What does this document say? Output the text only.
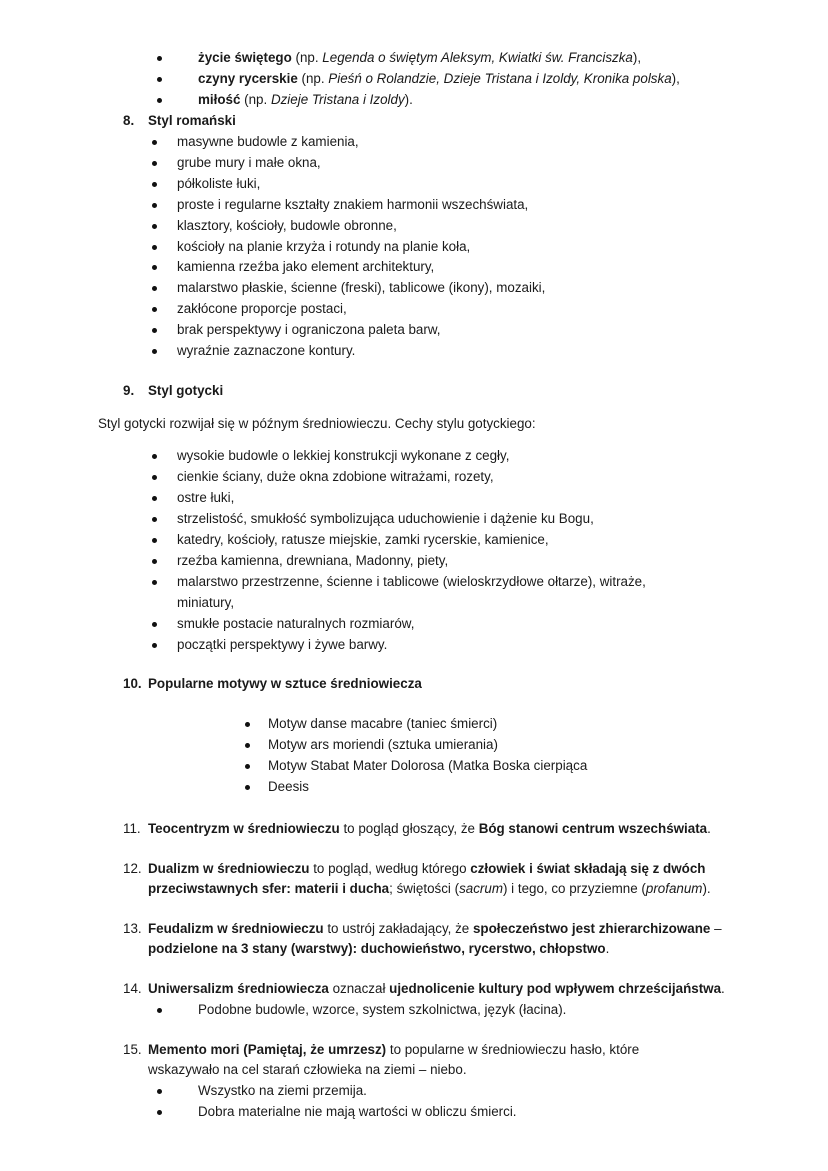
życie świętego (np. Legenda o świętym Aleksym, Kwiatki św. Franciszka),
czyny rycerskie (np. Pieśń o Rolandzie, Dzieje Tristana i Izoldy, Kronika polska),
miłość (np. Dzieje Tristana i Izoldy).
8. Styl romański
masywne budowle z kamienia,
grube mury i małe okna,
półkoliste łuki,
proste i regularne kształty znakiem harmonii wszechświata,
klasztory, kościoły, budowle obronne,
kościoły na planie krzyża i rotundy na planie koła,
kamienna rzeźba jako element architektury,
malarstwo płaskie, ścienne (freski), tablicowe (ikony), mozaiki,
zakłócone proporcje postaci,
brak perspektywy i ograniczona paleta barw,
wyraźnie zaznaczone kontury.
9. Styl gotycki
Styl gotycki rozwijał się w późnym średniowieczu. Cechy stylu gotyckiego:
wysokie budowle o lekkiej konstrukcji wykonane z cegły,
cienkie ściany, duże okna zdobione witrażami, rozety,
ostre łuki,
strzelistość, smukłość symbolizująca uduchowienie i dążenie ku Bogu,
katedry, kościoły, ratusze miejskie, zamki rycerskie, kamienice,
rzeźba kamienna, drewniana, Madonny, piety,
malarstwo przestrzenne, ścienne i tablicowe (wieloskrzydłowe ołtarze), witraże,
miniatury,
smukłe postacie naturalnych rozmiarów,
początki perspektywy i żywe barwy.
10. Popularne motywy w sztuce średniowiecza
Motyw danse macabre (taniec śmierci)
Motyw ars moriendi (sztuka umierania)
Motyw Stabat Mater Dolorosa (Matka Boska cierpiąca
Deesis
11. Teocentryzm w średniowieczu to pogląd głoszący, że Bóg stanowi centrum wszechświata.
12. Dualizm w średniowieczu to pogląd, według którego człowiek i świat składają się z dwóch
przeciwstawnych sfer: materii i ducha; świętości (sacrum) i tego, co przyziemne (profanum).
13. Feudalizm w średniowieczu to ustrój zakładający, że społeczeństwo jest zhierarchizowane –
podzielone na 3 stany (warstwy): duchowieństwo, rycerstwo, chłopstwo.
14. Uniwersalizm średniowiecza oznaczał ujednolicenie kultury pod wpływem chrześcijaństwa.
Podobne budowle, wzorce, system szkolnictwa, język (łacina).
15. Memento mori (Pamiętaj, że umrzesz) to popularne w średniowieczu hasło, które
wskazywało na cel starań człowieka na ziemi – niebo.
Wszystko na ziemi przemija.
Dobra materialne nie mają wartości w obliczu śmierci.
